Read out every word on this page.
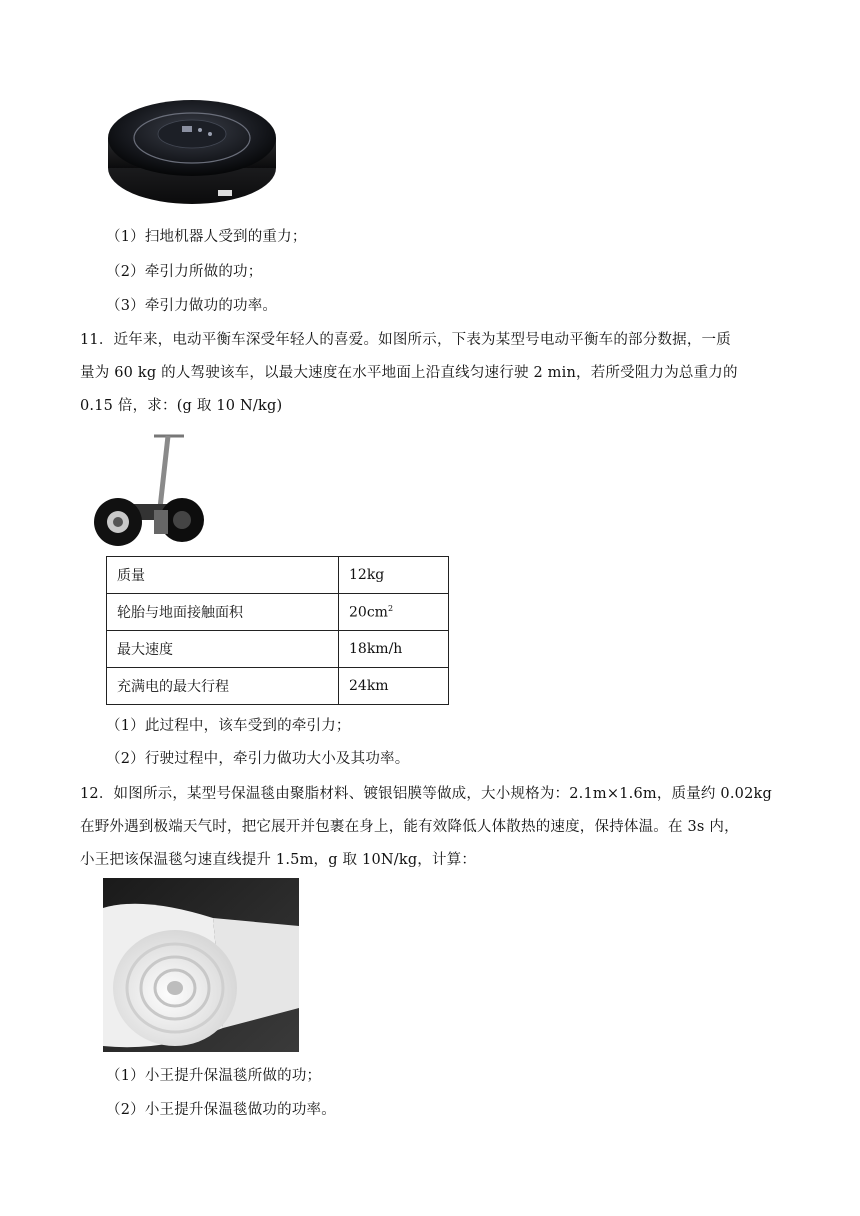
（1）扫地机器人受到的重力；
（2）牵引力所做的功；
（3）牵引力做功的功率。
11．近年来，电动平衡车深受年轻人的喜爱。如图所示，下表为某型号电动平衡车的部分数据，一质
量为 60 kg 的人驾驶该车，以最大速度在水平地面上沿直线匀速行驶 2 min，若所受阻力为总重力的
0.15 倍，求：(g 取 10 N/kg)
质量	12kg
轮胎与地面接触面积	$20cm^2$
最大速度	18km/h
充满电的最大行程	24km
（1）此过程中，该车受到的牵引力；
（2）行驶过程中，牵引力做功大小及其功率。
12．如图所示，某型号保温毯由聚脂材料、镀银铝膜等做成，大小规格为：2.1m×1.6m，质量约 0.02kg
在野外遇到极端天气时，把它展开并包裹在身上，能有效降低人体散热的速度，保持体温。在 3s 内，
小王把该保温毯匀速直线提升 1.5m，g 取 10N/kg，计算：
（1）小王提升保温毯所做的功；
（2）小王提升保温毯做功的功率。
